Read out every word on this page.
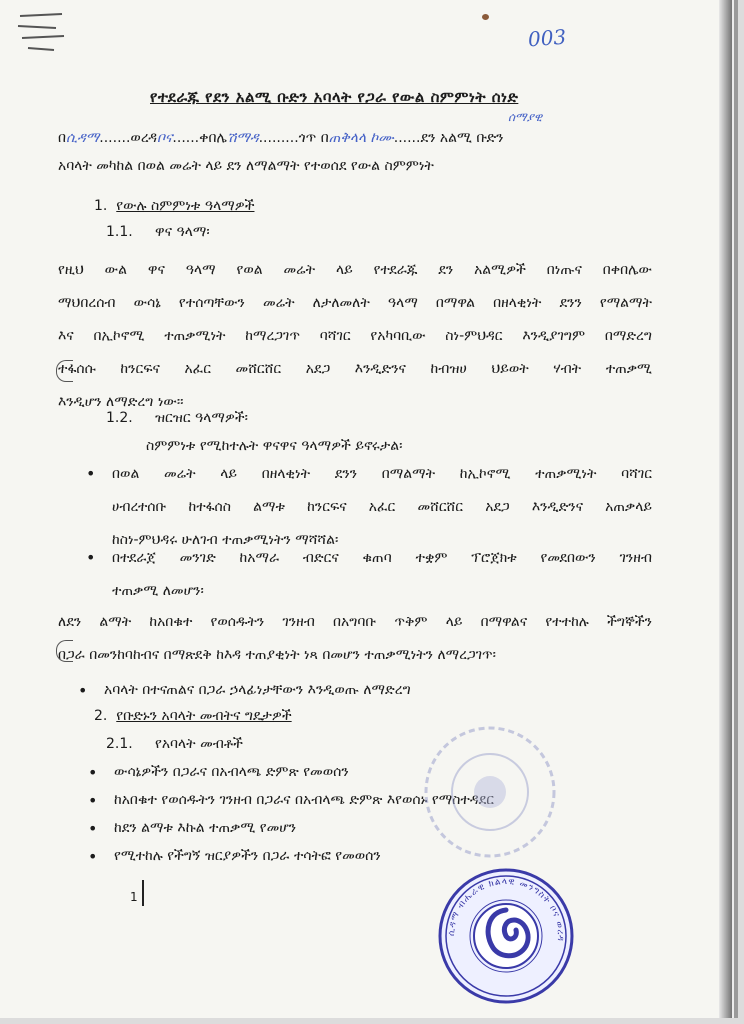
003
የተደራጁ የደን አልሚ ቡድን አባላት የጋራ የውል ስምምነት ሰነድ
በሲዳማ.......ወረዳቦና......ቀበሌሽማዳ.........ጎጥ በጠቅላላ ኮሙ......ደን አልሚ ቡድን
ሰማያዊ
አባላት መካከል በወል መሬት ላይ ደን ለማልማት የተወሰደ የውል ስምምነት
1. የውሉ ስምምነቱ ዓላማዎች
1.1. ዋና ዓላማ፡
የዚህ ውል ዋና ዓላማ የወል መሬት ላይ የተደራጁ ደን አልሚዎች በነጡና በቀበሌው
ማህበረሰብ ውሳኔ የተሰጣቸውን መሬት ለታለመለት ዓላማ በማዋል በዘላቂነት ደንን የማልማት
እና በኢኮኖሚ ተጠቃሚነት ከማረጋገጥ ባሻገር የአካባቢው ስነ-ምህዳር እንዲያገግም በማድረግ
ተፋሰሱ ከንርፍና አፈር መሸርሸር አደጋ እንዲድንና ከብዝሀ ህይወት ሃብት ተጠቃሚ
እንዲሆን ለማድረግ ነው፡፡
1.2. ዝርዝር ዓላማዎች፡
ስምምነቱ የሚከተሉት ዋናዋና ዓላማዎች ይኖሩታል፡
• በወል መሬት ላይ በዘላቂነት ደንን በማልማት ከኢኮኖሚ ተጠቃሚነት ባሻገር
ሀብረተሰቡ ከተፋሰስ ልማቱ ከንርፍና አፈር መሸርሸር አደጋ እንዲድንና አጠቃላይ
ከስነ-ምህዳሩ ሁለገብ ተጠቃሚነትን ማሻሻል፡
• በተደራጀ መንገድ ከአማራ ብድርና ቁጠባ ተቋም ፕሮጀክቱ የመደበውን ገንዘብ
ተጠቃሚ ለመሆን፡
ለደን ልማት ከአበቁተ የወሰዱትን ገንዘብ በአግባቡ ጥቅም ላይ በማዋልና የተተከሉ ችግኞችን
በጋራ በመንከባከብና በማጽደቅ ከእዳ ተጠያቂነት ነጻ በመሆን ተጠቃሚነትን ለማረጋገጥ፡
• አባላት በተናጠልና በጋራ ኃላፊነታቸውን እንዲወጡ ለማድረግ
2. የቡድኑን አባላት መብትና ግዴታዎች
2.1. የአባላት መብቶች
• ውሳኔዎችን በጋራና በአብላጫ ድምጽ የመወሰን
• ከአበቁተ የወሰዱትን ገንዘብ በጋራና በአብላጫ ድምጽ እየወሰኑ የማስተዳደር
• ከደን ልማቱ እኩል ተጠቃሚ የመሆን
• የሚተከሉ የችግኝ ዝርያዎችን በጋራ ተሳትፎ የመወሰን
1
ሲዳማ ብሔራዊ ክልላዊ መንግስት ቦና ወረዳ
